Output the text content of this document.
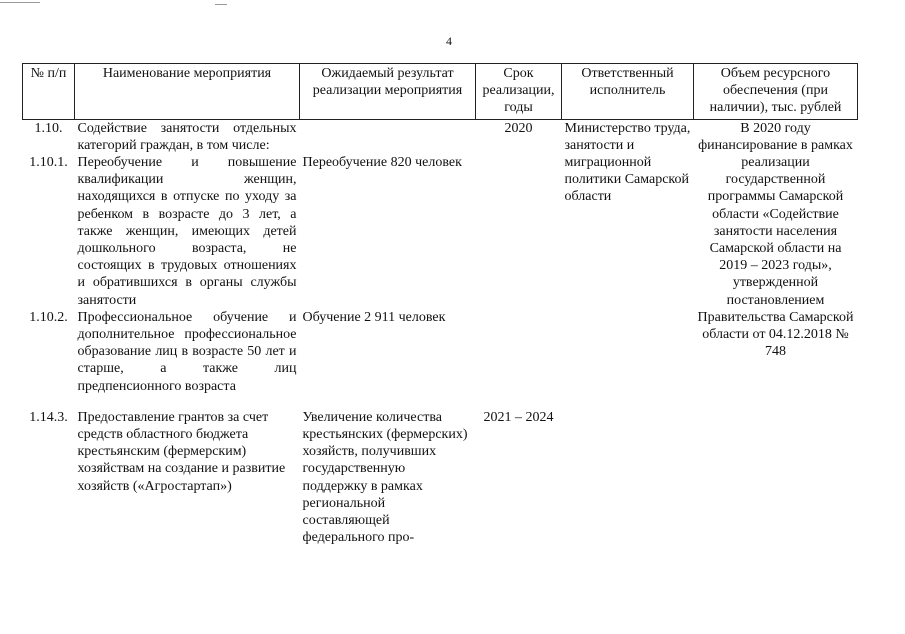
4
№ п/п	Наименование мероприятия	Ожидаемый результат реализации мероприятия	Срок реализации, годы	Ответственный исполнитель	Объем ресурсного обеспечения (при наличии), тыс. рублей
1.10.	Содействие занятости отдельных категорий граждан, в том числе:		2020	Министерство труда, занятости и миграционной политики Самарской области	В 2020 году финансирование в рамках реализации государственной программы Самарской области «Содействие занятости населения Самарской области на 2019 – 2023 годы», утвержденной постановлением Правительства Самарской области от 04.12.2018 № 748
1.10.1.	Переобучение и повышение квалификации женщин, находящихся в отпуске по уходу за ребенком в возрасте до 3 лет, а также женщин, имеющих детей дошкольного возраста, не состоящих в трудовых отношениях и обратившихся в органы службы занятости	Переобучение 820 человек			
1.10.2.	Профессиональное обучение и дополнительное профессиональное образование лиц в возрасте 50 лет и старше, а также лиц предпенсионного возраста	Обучение 2 911 человек			

1.14.3.	Предоставление грантов за счет средств областного бюджета крестьянским (фермерским) хозяйствам на создание и развитие хозяйств («Агростартап»)	Увеличение количества крестьянских (фермерских) хозяйств, получивших государственную поддержку в рамках региональной составляющей федерального про-	2021 – 2024		
